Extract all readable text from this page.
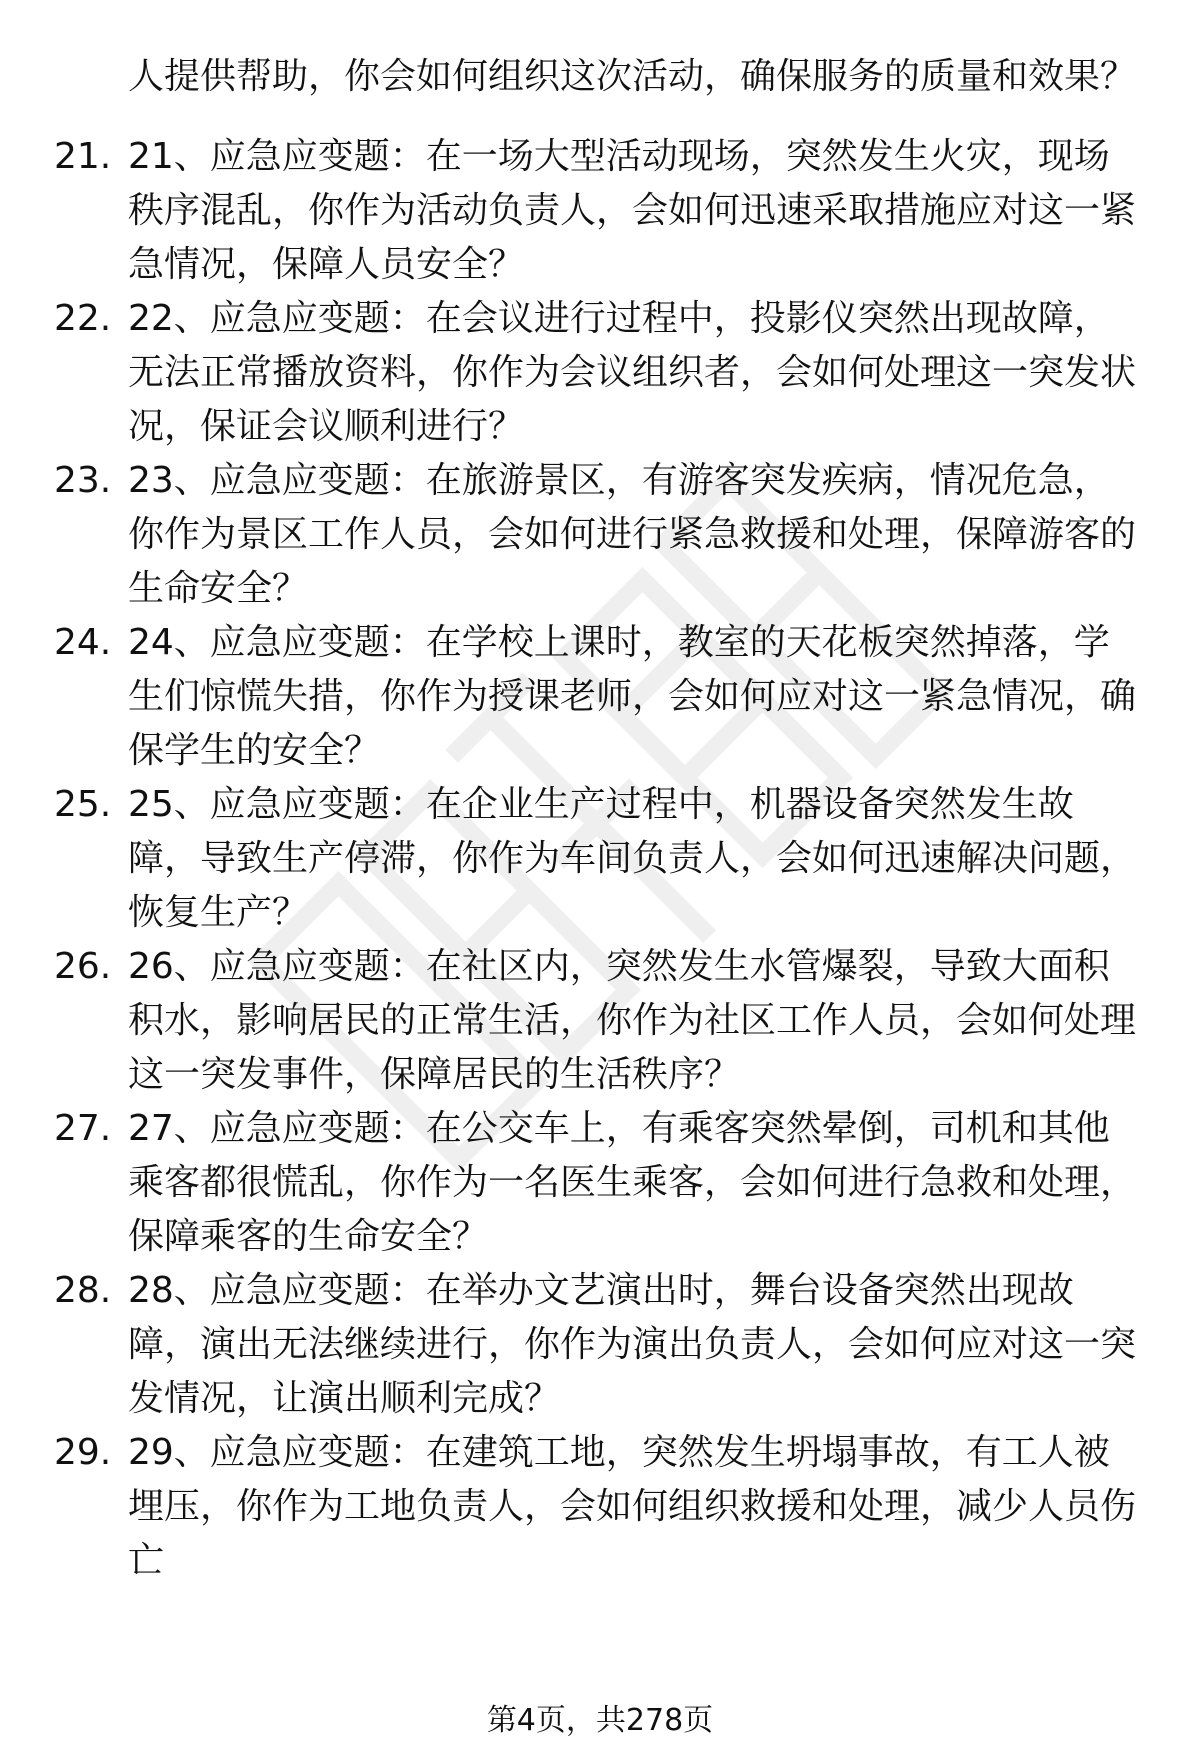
人提供帮助，你会如何组织这次活动，确保服务的质量和效果？
21. 21、应急应变题：在一场大型活动现场，突然发生火灾，现场秩序混乱，你作为活动负责人，会如何迅速采取措施应对这一紧急情况，保障人员安全？
22. 22、应急应变题：在会议进行过程中，投影仪突然出现故障，无法正常播放资料，你作为会议组织者，会如何处理这一突发状况，保证会议顺利进行？
23. 23、应急应变题：在旅游景区，有游客突发疾病，情况危急，你作为景区工作人员，会如何进行紧急救援和处理，保障游客的生命安全？
24. 24、应急应变题：在学校上课时，教室的天花板突然掉落，学生们惊慌失措，你作为授课老师，会如何应对这一紧急情况，确保学生的安全？
25. 25、应急应变题：在企业生产过程中，机器设备突然发生故障，导致生产停滞，你作为车间负责人，会如何迅速解决问题，恢复生产？
26. 26、应急应变题：在社区内，突然发生水管爆裂，导致大面积积水，影响居民的正常生活，你作为社区工作人员，会如何处理这一突发事件，保障居民的生活秩序？
27. 27、应急应变题：在公交车上，有乘客突然晕倒，司机和其他乘客都很慌乱，你作为一名医生乘客，会如何进行急救和处理，保障乘客的生命安全？
28. 28、应急应变题：在举办文艺演出时，舞台设备突然出现故障，演出无法继续进行，你作为演出负责人，会如何应对这一突发情况，让演出顺利完成？
29. 29、应急应变题：在建筑工地，突然发生坍塌事故，有工人被埋压，你作为工地负责人，会如何组织救援和处理，减少人员伤亡
第4页，共278页
